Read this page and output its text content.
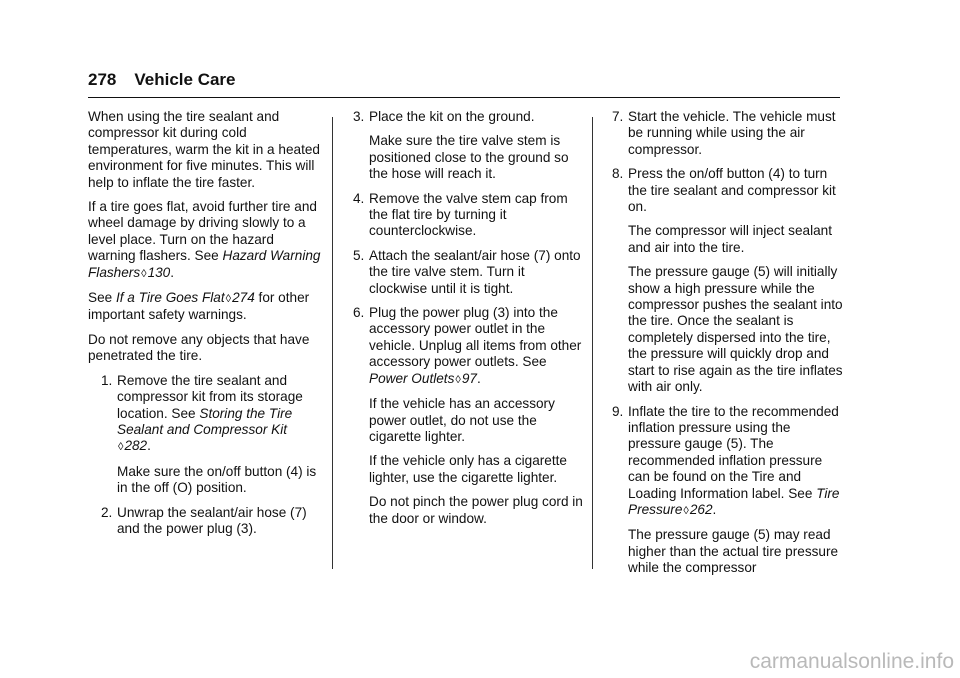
278 Vehicle Care

When using the tire sealant and compressor kit during cold temperatures, warm the kit in a heated environment for five minutes. This will help to inflate the tire faster.

If a tire goes flat, avoid further tire and wheel damage by driving slowly to a level place. Turn on the hazard warning flashers. See Hazard Warning Flashers◊130.

See If a Tire Goes Flat◊274 for other important safety warnings.

Do not remove any objects that have penetrated the tire.

1. Remove the tire sealant and compressor kit from its storage location. See Storing the Tire Sealant and Compressor Kit
◊282.
Make sure the on/off button (4) is in the off (O) position.
2. Unwrap the sealant/air hose (7) and the power plug (3).
3. Place the kit on the ground.
Make sure the tire valve stem is positioned close to the ground so the hose will reach it.
4. Remove the valve stem cap from the flat tire by turning it counterclockwise.
5. Attach the sealant/air hose (7) onto the tire valve stem. Turn it clockwise until it is tight.
6. Plug the power plug (3) into the accessory power outlet in the vehicle. Unplug all items from other accessory power outlets. See Power Outlets◊97.
If the vehicle has an accessory power outlet, do not use the cigarette lighter.
If the vehicle only has a cigarette lighter, use the cigarette lighter.
Do not pinch the power plug cord in the door or window.
7. Start the vehicle. The vehicle must be running while using the air compressor.
8. Press the on/off button (4) to turn the tire sealant and compressor kit on.
The compressor will inject sealant and air into the tire.
The pressure gauge (5) will initially show a high pressure while the compressor pushes the sealant into the tire. Once the sealant is completely dispersed into the tire, the pressure will quickly drop and start to rise again as the tire inflates with air only.
9. Inflate the tire to the recommended inflation pressure using the pressure gauge (5). The recommended inflation pressure can be found on the Tire and Loading Information label. See Tire Pressure◊262.
The pressure gauge (5) may read higher than the actual tire pressure while the compressor
carmanualsonline.info
